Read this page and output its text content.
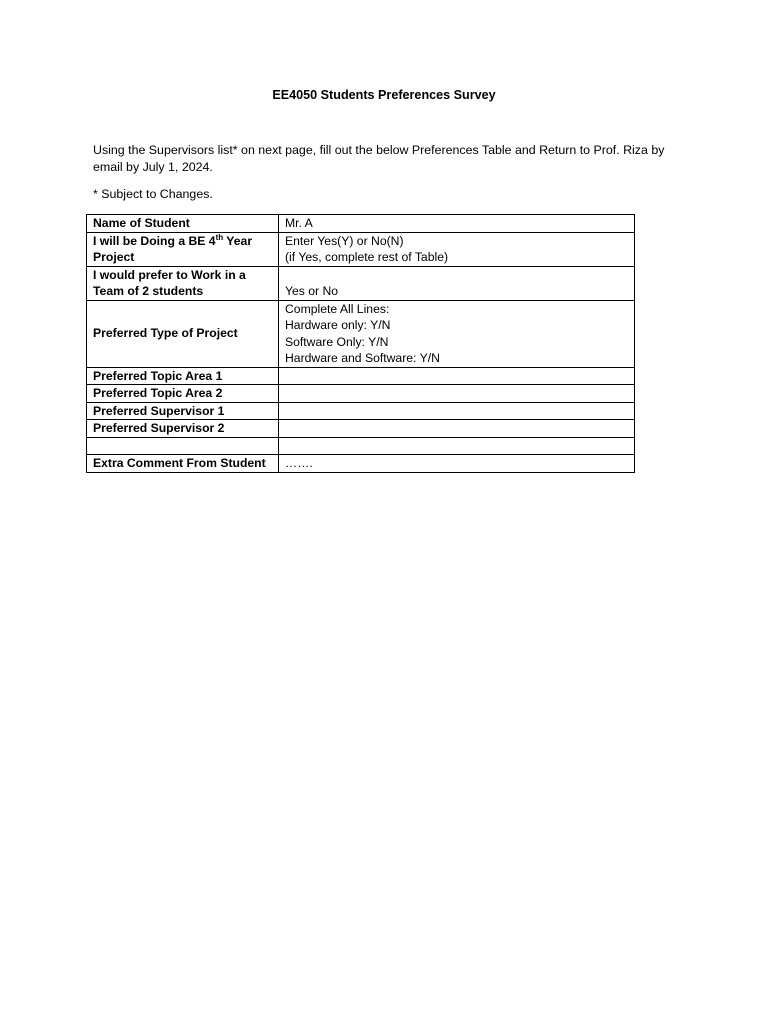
EE4050 Students Preferences Survey
Using the Supervisors list* on next page, fill out the below Preferences Table and Return to Prof. Riza by email by July 1, 2024.
* Subject to Changes.
Name of Student	Mr. A
I will be Doing a BE 4th Year Project	Enter Yes(Y) or No(N)
(if Yes, complete rest of Table)

I would prefer to Work in a Team of 2 students	Yes or No
Preferred Type of Project	Complete All Lines:
Hardware only: Y/N
Software Only: Y/N
Hardware and Software: Y/N

Preferred Topic Area 1	
Preferred Topic Area 2	
Preferred Supervisor 1	
Preferred Supervisor 2	

Extra Comment From Student	…….
